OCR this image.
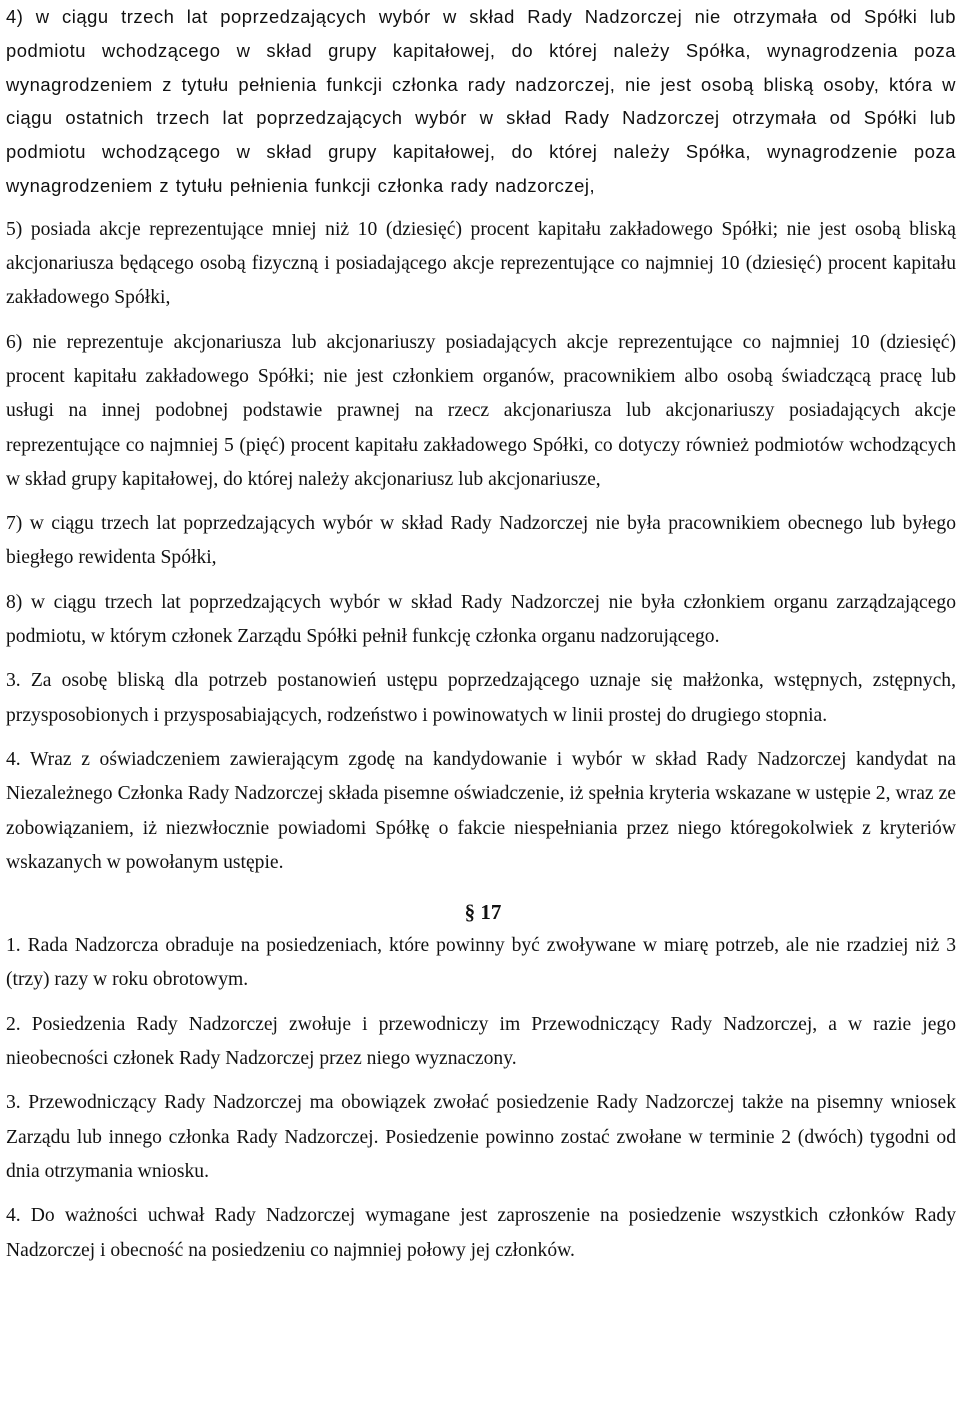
4) w ciągu trzech lat poprzedzających wybór w skład Rady Nadzorczej nie otrzymała od Spółki lub podmiotu wchodzącego w skład grupy kapitałowej, do której należy Spółka, wynagrodzenia poza wynagrodzeniem z tytułu pełnienia funkcji członka rady nadzorczej, nie jest osobą bliską osoby, która w ciągu ostatnich trzech lat poprzedzających wybór w skład Rady Nadzorczej otrzymała od Spółki lub podmiotu wchodzącego w skład grupy kapitałowej, do której należy Spółka, wynagrodzenie poza wynagrodzeniem z tytułu pełnienia funkcji członka rady nadzorczej,

5) posiada akcje reprezentujące mniej niż 10 (dziesięć) procent kapitału zakładowego Spółki; nie jest osobą bliską akcjonariusza będącego osobą fizyczną i posiadającego akcje reprezentujące co najmniej 10 (dziesięć) procent kapitału zakładowego Spółki,

6) nie reprezentuje akcjonariusza lub akcjonariuszy posiadających akcje reprezentujące co najmniej 10 (dziesięć) procent kapitału zakładowego Spółki; nie jest członkiem organów, pracownikiem albo osobą świadczącą pracę lub usługi na innej podobnej podstawie prawnej na rzecz akcjonariusza lub akcjonariuszy posiadających akcje reprezentujące co najmniej 5 (pięć) procent kapitału zakładowego Spółki, co dotyczy również podmiotów wchodzących w skład grupy kapitałowej, do której należy akcjonariusz lub akcjonariusze,

7) w ciągu trzech lat poprzedzających wybór w skład Rady Nadzorczej nie była pracownikiem obecnego lub byłego biegłego rewidenta Spółki,

8) w ciągu trzech lat poprzedzających wybór w skład Rady Nadzorczej nie była członkiem organu zarządzającego podmiotu, w którym członek Zarządu Spółki pełnił funkcję członka organu nadzorującego.

3. Za osobę bliską dla potrzeb postanowień ustępu poprzedzającego uznaje się małżonka, wstępnych, zstępnych, przysposobionych i przysposabiających, rodzeństwo i powinowatych w linii prostej do drugiego stopnia.

4. Wraz z oświadczeniem zawierającym zgodę na kandydowanie i wybór w skład Rady Nadzorczej kandydat na Niezależnego Członka Rady Nadzorczej składa pisemne oświadczenie, iż spełnia kryteria wskazane w ustępie 2, wraz ze zobowiązaniem, iż niezwłocznie powiadomi Spółkę o fakcie niespełniania przez niego któregokolwiek z kryteriów wskazanych w powołanym ustępie.

§ 17

1. Rada Nadzorcza obraduje na posiedzeniach, które powinny być zwoływane w miarę potrzeb, ale nie rzadziej niż 3 (trzy) razy w roku obrotowym.

2. Posiedzenia Rady Nadzorczej zwołuje i przewodniczy im Przewodniczący Rady Nadzorczej, a w razie jego nieobecności członek Rady Nadzorczej przez niego wyznaczony.

3. Przewodniczący Rady Nadzorczej ma obowiązek zwołać posiedzenie Rady Nadzorczej także na pisemny wniosek Zarządu lub innego członka Rady Nadzorczej. Posiedzenie powinno zostać zwołane w terminie 2 (dwóch) tygodni od dnia otrzymania wniosku.

4. Do ważności uchwał Rady Nadzorczej wymagane jest zaproszenie na posiedzenie wszystkich członków Rady Nadzorczej i obecność na posiedzeniu co najmniej połowy jej członków.
